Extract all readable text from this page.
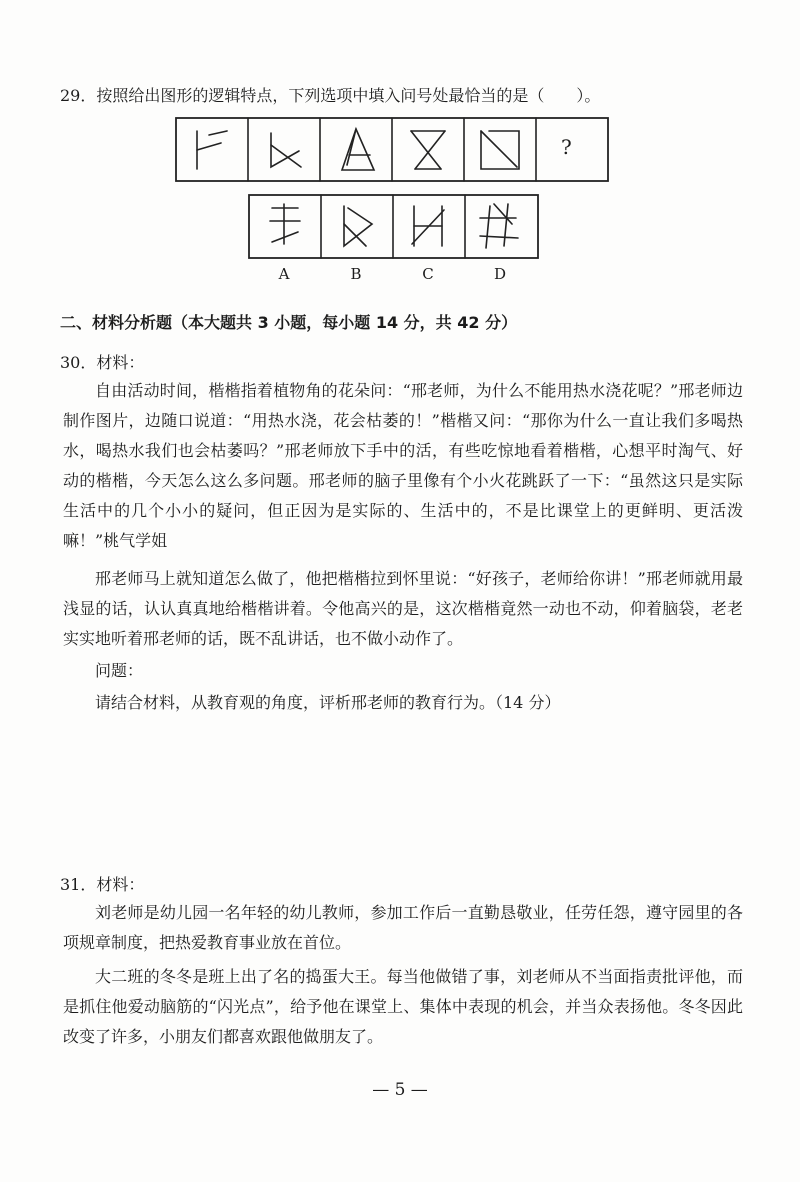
29．按照给出图形的逻辑特点，下列选项中填入问号处最恰当的是（　　）。
?
A	B	C	D
二、材料分析题（本大题共 3 小题，每小题 14 分，共 42 分）
30．材料：
自由活动时间，楷楷指着植物角的花朵问：“邢老师，为什么不能用热水浇花呢？”邢老师边制作图片，边随口说道：“用热水浇，花会枯萎的！”楷楷又问：“那你为什么一直让我们多喝热水，喝热水我们也会枯萎吗？”邢老师放下手中的活，有些吃惊地看着楷楷，心想平时淘气、好动的楷楷，今天怎么这么多问题。邢老师的脑子里像有个小火花跳跃了一下：“虽然这只是实际生活中的几个小小的疑问，但正因为是实际的、生活中的，不是比课堂上的更鲜明、更活泼嘛！”桃气学姐
邢老师马上就知道怎么做了，他把楷楷拉到怀里说：“好孩子，老师给你讲！”邢老师就用最浅显的话，认认真真地给楷楷讲着。令他高兴的是，这次楷楷竟然一动也不动，仰着脑袋，老老实实地听着邢老师的话，既不乱讲话，也不做小动作了。
问题：
请结合材料，从教育观的角度，评析邢老师的教育行为。（14 分）
31．材料：
刘老师是幼儿园一名年轻的幼儿教师，参加工作后一直勤恳敬业，任劳任怨，遵守园里的各项规章制度，把热爱教育事业放在首位。
大二班的冬冬是班上出了名的捣蛋大王。每当他做错了事，刘老师从不当面指责批评他，而是抓住他爱动脑筋的“闪光点”，给予他在课堂上、集体中表现的机会，并当众表扬他。冬冬因此改变了许多，小朋友们都喜欢跟他做朋友了。
— 5 —
